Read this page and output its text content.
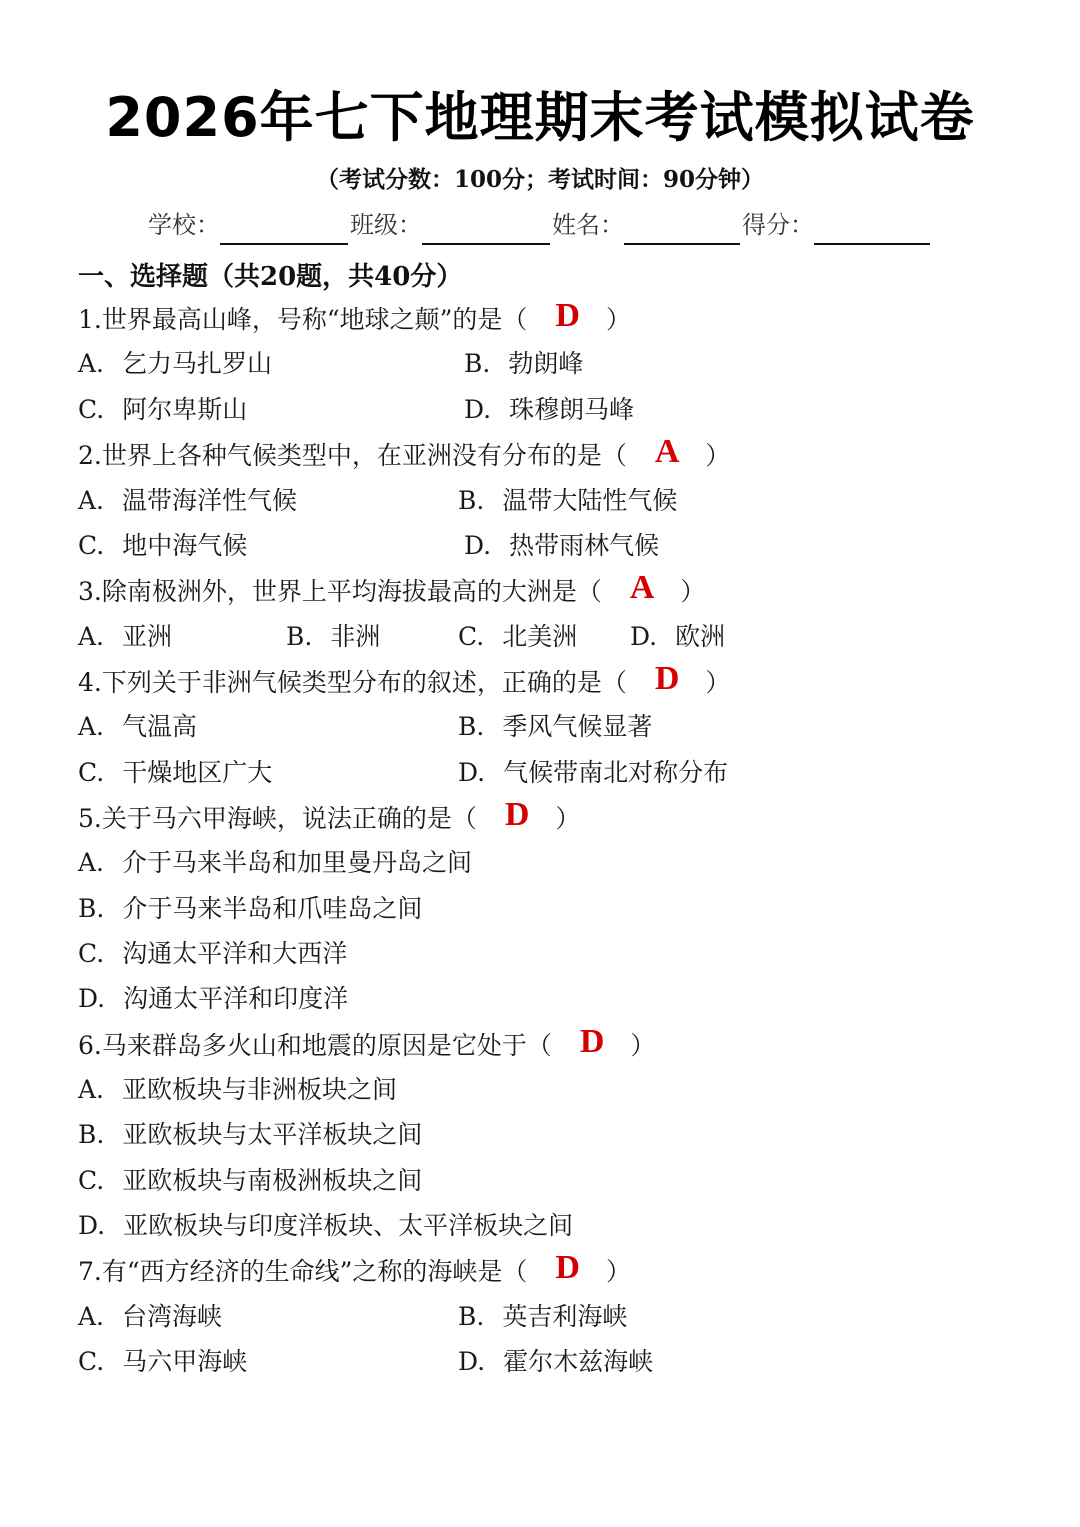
2026年七下地理期末考试模拟试卷
（考试分数：100分；考试时间：90分钟）
学校：	班级：	姓名：	得分：
一、选择题（共20题，共40分）
1.世界最高山峰，号称“地球之颠”的是（ D ）
A. 乞力马扎罗山	B. 勃朗峰
C. 阿尔卑斯山	D. 珠穆朗马峰
2.世界上各种气候类型中，在亚洲没有分布的是（ A ）
A. 温带海洋性气候	B. 温带大陆性气候
C. 地中海气候	D. 热带雨林气候
3.除南极洲外，世界上平均海拔最高的大洲是（ A ）
A. 亚洲	B. 非洲	C. 北美洲 D. 欧洲
4.下列关于非洲气候类型分布的叙述，正确的是（ D ）
A. 气温高	B. 季风气候显著
C. 干燥地区广大	D. 气候带南北对称分布
5.关于马六甲海峡，说法正确的是（ D ）
A. 介于马来半岛和加里曼丹岛之间
B. 介于马来半岛和爪哇岛之间
C. 沟通太平洋和大西洋
D. 沟通太平洋和印度洋
6.马来群岛多火山和地震的原因是它处于（ D ）
A. 亚欧板块与非洲板块之间
B. 亚欧板块与太平洋板块之间
C. 亚欧板块与南极洲板块之间
D. 亚欧板块与印度洋板块、太平洋板块之间
7.有“西方经济的生命线”之称的海峡是（ D ）
A. 台湾海峡	B. 英吉利海峡
C. 马六甲海峡	D. 霍尔木兹海峡
